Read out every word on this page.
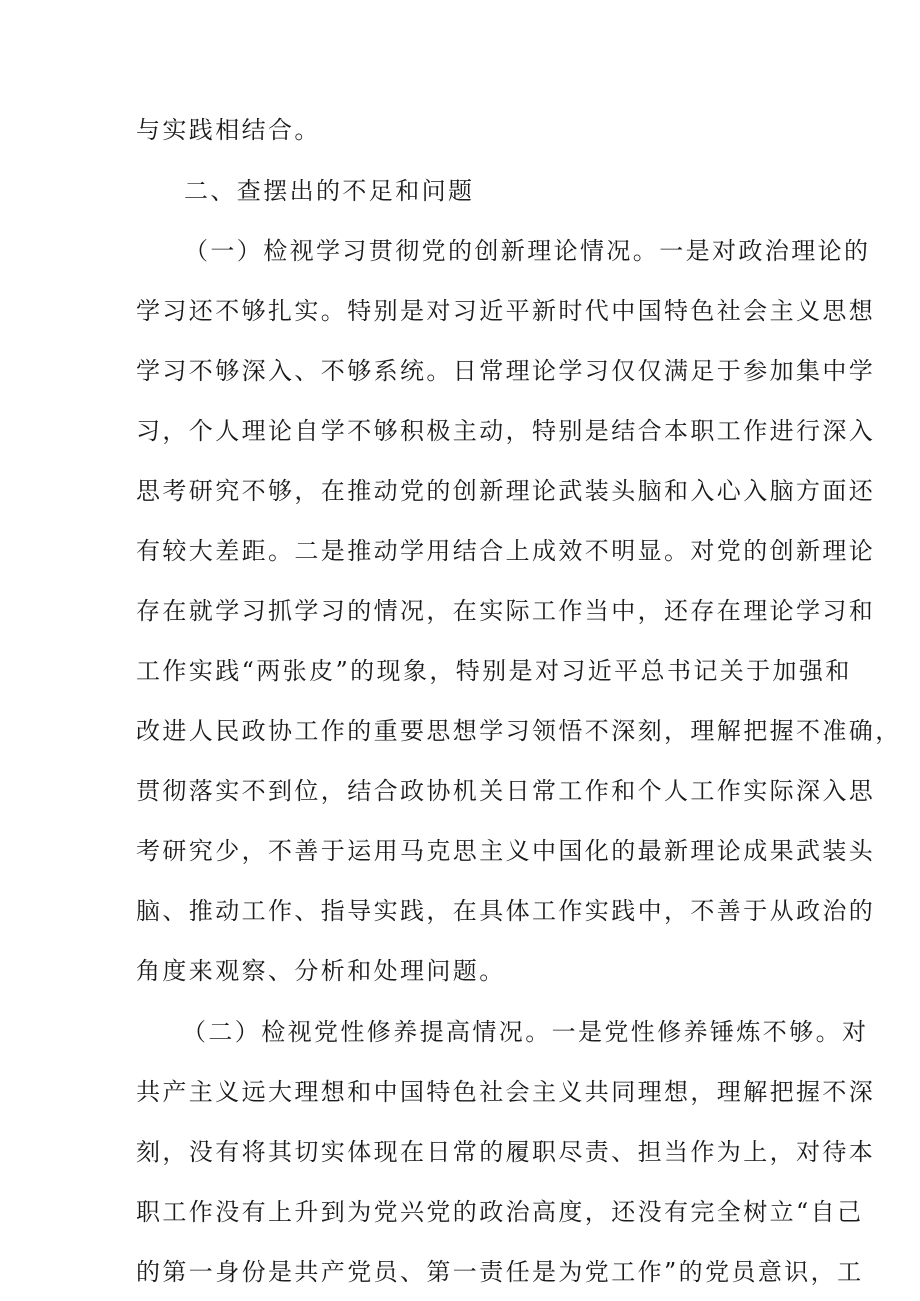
与实践相结合。
二、查摆出的不足和问题
（一）检视学习贯彻党的创新理论情况。一是对政治理论的
学习还不够扎实。特别是对习近平新时代中国特色社会主义思想
学习不够深入、不够系统。日常理论学习仅仅满足于参加集中学
习，个人理论自学不够积极主动，特别是结合本职工作进行深入
思考研究不够，在推动党的创新理论武装头脑和入心入脑方面还
有较大差距。二是推动学用结合上成效不明显。对党的创新理论
存在就学习抓学习的情况，在实际工作当中，还存在理论学习和
工作实践“两张皮”的现象，特别是对习近平总书记关于加强和
改进人民政协工作的重要思想学习领悟不深刻，理解把握不准确，
贯彻落实不到位，结合政协机关日常工作和个人工作实际深入思
考研究少，不善于运用马克思主义中国化的最新理论成果武装头
脑、推动工作、指导实践，在具体工作实践中，不善于从政治的
角度来观察、分析和处理问题。
（二）检视党性修养提高情况。一是党性修养锤炼不够。对
共产主义远大理想和中国特色社会主义共同理想，理解把握不深
刻，没有将其切实体现在日常的履职尽责、担当作为上，对待本
职工作没有上升到为党兴党的政治高度，还没有完全树立“自己
的第一身份是共产党员、第一责任是为党工作”的党员意识，工
